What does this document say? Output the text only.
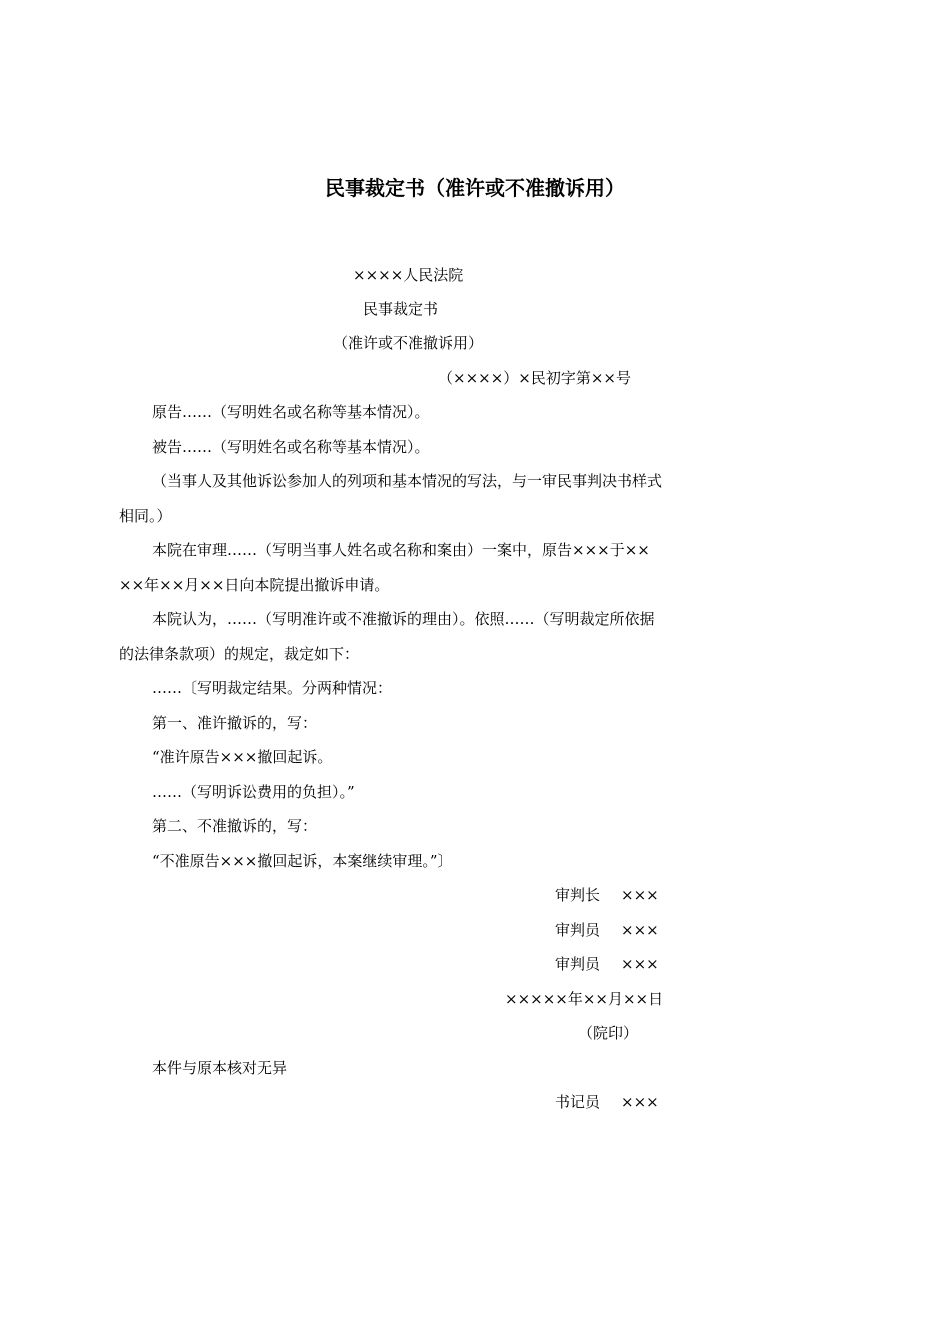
民事裁定书（准许或不准撤诉用）
××××人民法院
民事裁定书
（准许或不准撤诉用）
（××××）×民初字第××号
原告……（写明姓名或名称等基本情况）。
被告……（写明姓名或名称等基本情况）。
（当事人及其他诉讼参加人的列项和基本情况的写法，与一审民事判决书样式
相同。）
本院在审理……（写明当事人姓名或名称和案由）一案中，原告×××于××
××年××月××日向本院提出撤诉申请。
本院认为，……（写明准许或不准撤诉的理由）。依照……（写明裁定所依据
的法律条款项）的规定，裁定如下：
……〔写明裁定结果。分两种情况：
第一、准许撤诉的，写：
“准许原告×××撤回起诉。
……（写明诉讼费用的负担）。”
第二、不准撤诉的，写：
“不准原告×××撤回起诉，本案继续审理。”〕
审判长 ×××
审判员 ×××
审判员 ×××
×××××年××月××日
（院印）
本件与原本核对无异
书记员 ×××
